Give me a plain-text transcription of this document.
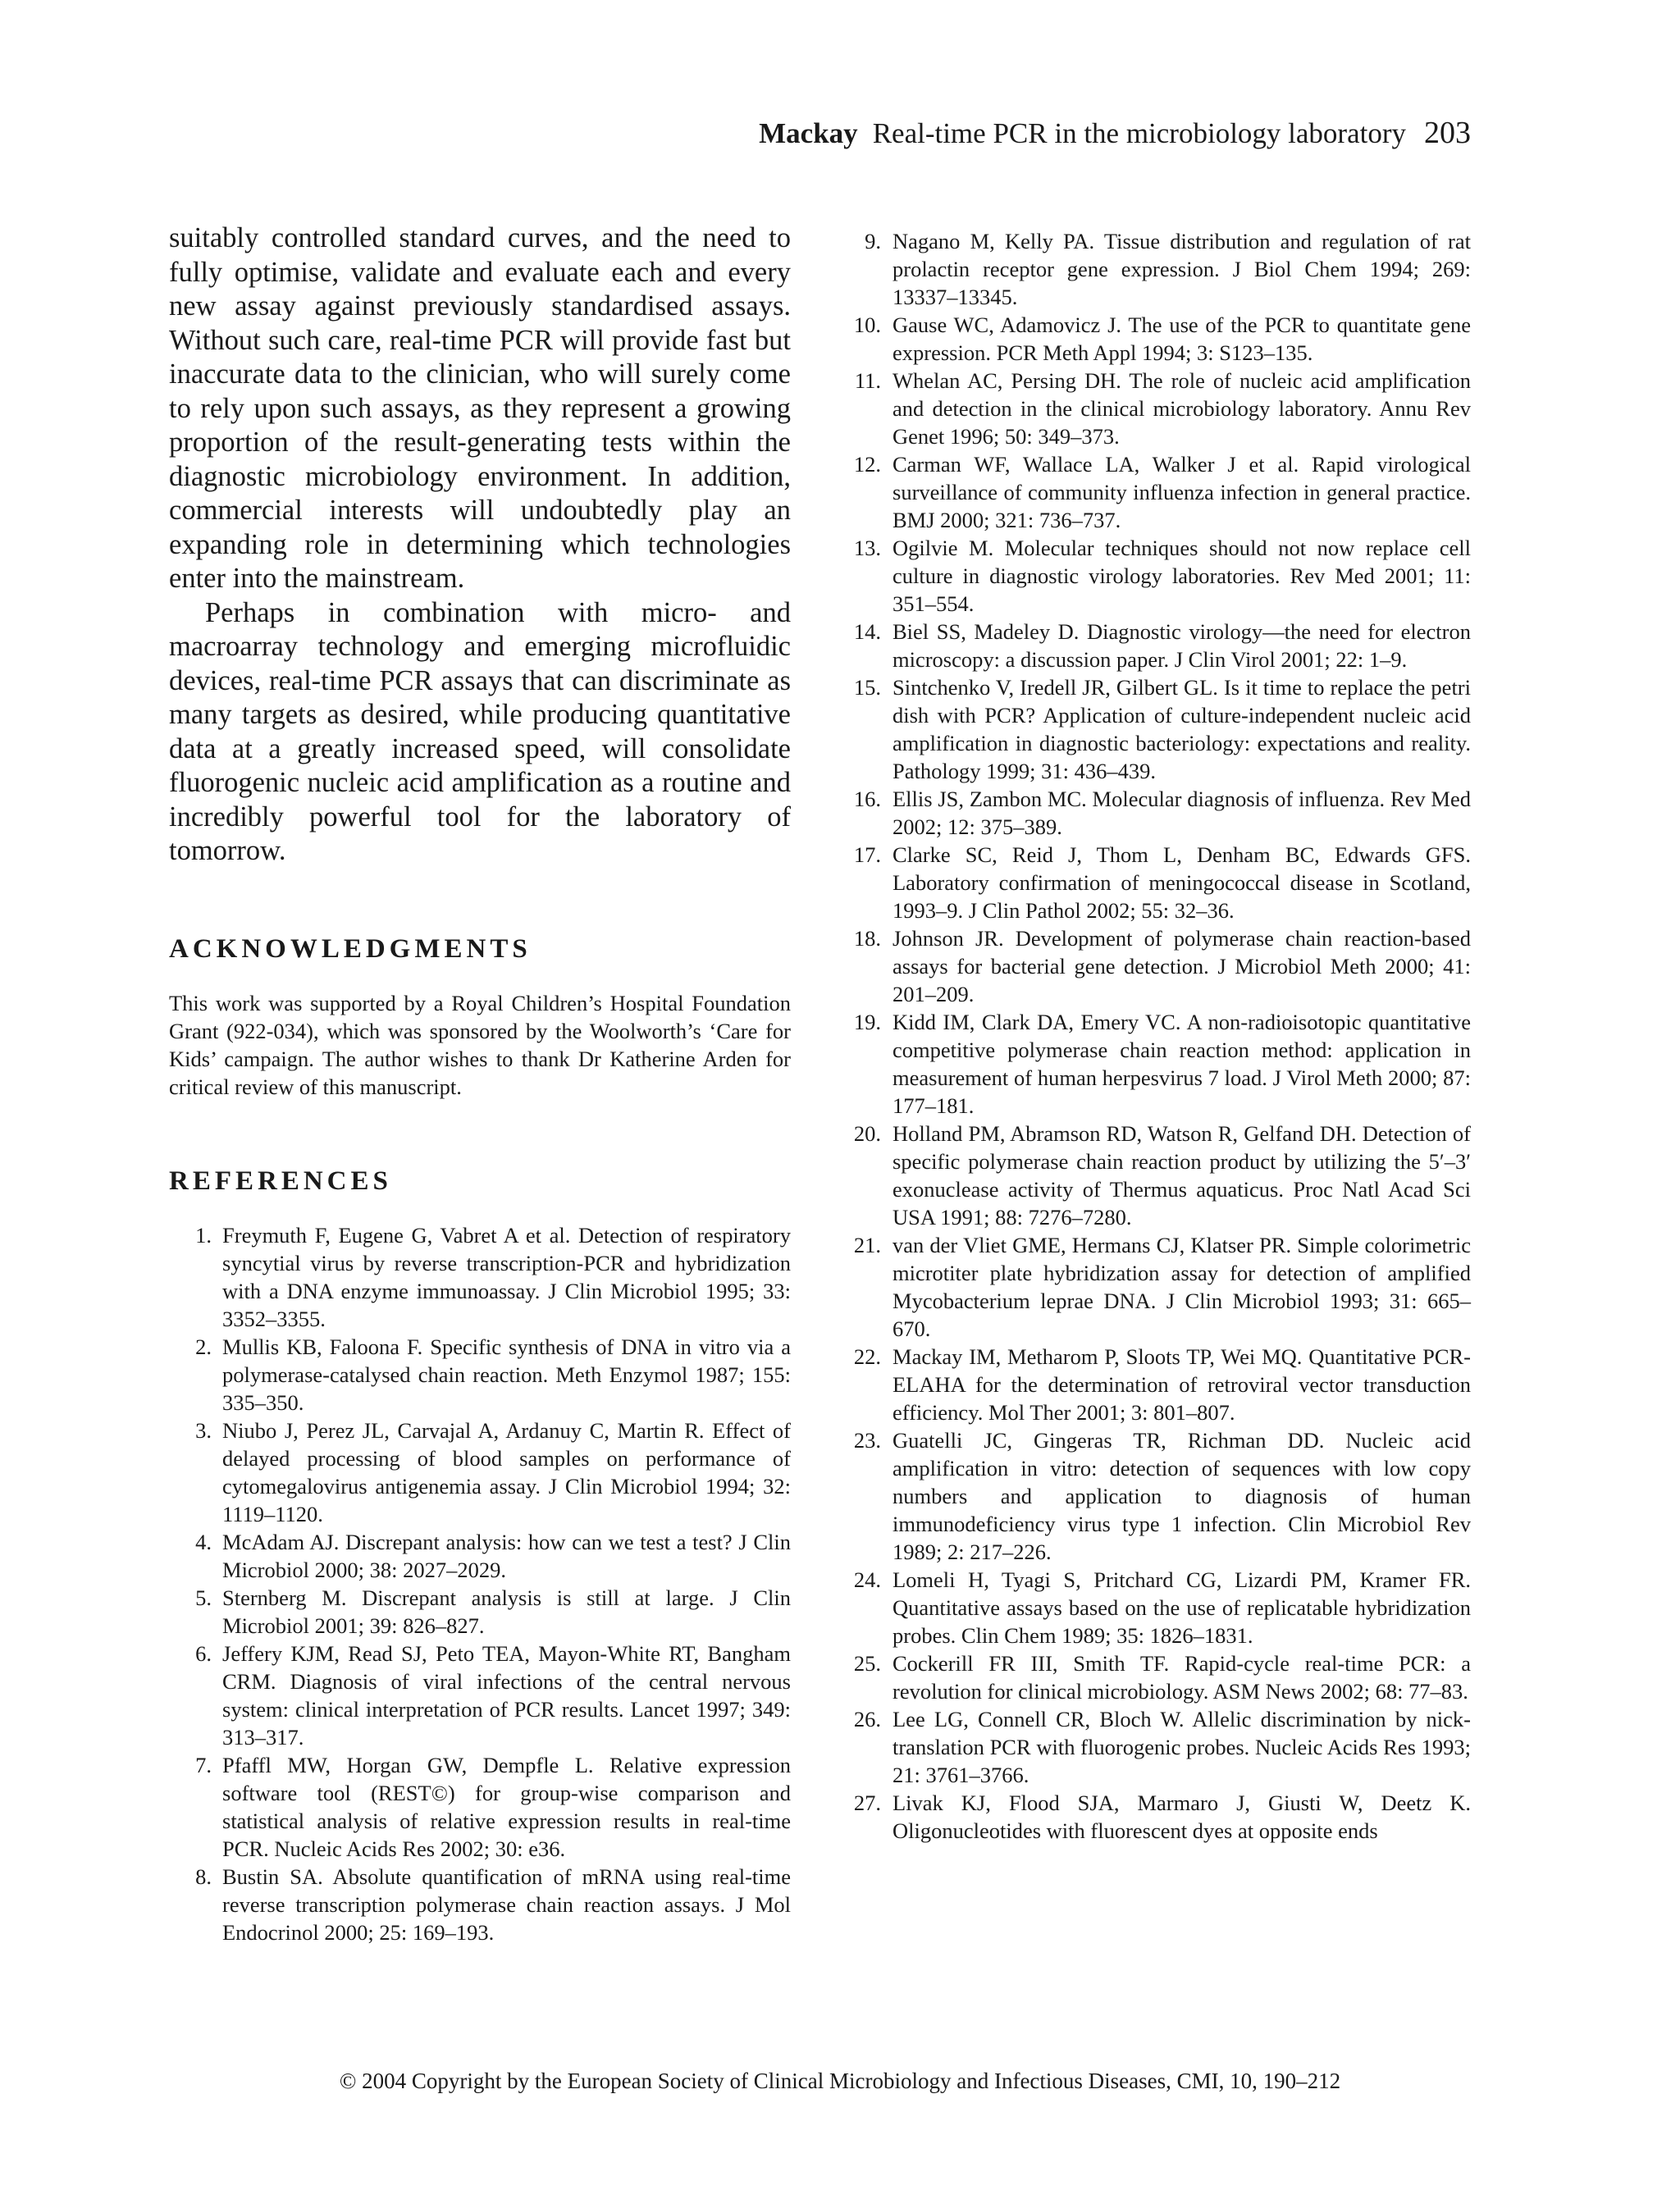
Mackay Real-time PCR in the microbiology laboratory 203

suitably controlled standard curves, and the need to fully optimise, validate and evaluate each and every new assay against previously standardised assays. Without such care, real-time PCR will provide fast but inaccurate data to the clinician, who will surely come to rely upon such assays, as they represent a growing proportion of the result-generating tests within the diagnostic microbiology environment. In addition, commercial interests will undoubtedly play an expanding role in determining which technologies enter into the mainstream.

Perhaps in combination with micro- and macroarray technology and emerging microfluidic devices, real-time PCR assays that can discriminate as many targets as desired, while producing quantitative data at a greatly increased speed, will consolidate fluorogenic nucleic acid amplification as a routine and incredibly powerful tool for the laboratory of tomorrow.

ACKNOWLEDGMENTS

This work was supported by a Royal Children’s Hospital Foundation Grant (922-034), which was sponsored by the Woolworth’s ‘Care for Kids’ campaign. The author wishes to thank Dr Katherine Arden for critical review of this manuscript.

REFERENCES
1. Freymuth F, Eugene G, Vabret A et al. Detection of respiratory syncytial virus by reverse transcription-PCR and hybridization with a DNA enzyme immunoassay. J Clin Microbiol 1995; 33: 3352–3355.
2. Mullis KB, Faloona F. Specific synthesis of DNA in vitro via a polymerase-catalysed chain reaction. Meth Enzymol 1987; 155: 335–350.
3. Niubo J, Perez JL, Carvajal A, Ardanuy C, Martin R. Effect of delayed processing of blood samples on performance of cytomegalovirus antigenemia assay. J Clin Microbiol 1994; 32: 1119–1120.
4. McAdam AJ. Discrepant analysis: how can we test a test? J Clin Microbiol 2000; 38: 2027–2029.
5. Sternberg M. Discrepant analysis is still at large. J Clin Microbiol 2001; 39: 826–827.
6. Jeffery KJM, Read SJ, Peto TEA, Mayon-White RT, Bangham CRM. Diagnosis of viral infections of the central nervous system: clinical interpretation of PCR results. Lancet 1997; 349: 313–317.
7. Pfaffl MW, Horgan GW, Dempfle L. Relative expression software tool (REST©) for group-wise comparison and statistical analysis of relative expression results in real-time PCR. Nucleic Acids Res 2002; 30: e36.
8. Bustin SA. Absolute quantification of mRNA using real-time reverse transcription polymerase chain reaction assays. J Mol Endocrinol 2000; 25: 169–193.
9. Nagano M, Kelly PA. Tissue distribution and regulation of rat prolactin receptor gene expression. J Biol Chem 1994; 269: 13337–13345.
10. Gause WC, Adamovicz J. The use of the PCR to quantitate gene expression. PCR Meth Appl 1994; 3: S123–135.
11. Whelan AC, Persing DH. The role of nucleic acid amplification and detection in the clinical microbiology laboratory. Annu Rev Genet 1996; 50: 349–373.
12. Carman WF, Wallace LA, Walker J et al. Rapid virological surveillance of community influenza infection in general practice. BMJ 2000; 321: 736–737.
13. Ogilvie M. Molecular techniques should not now replace cell culture in diagnostic virology laboratories. Rev Med 2001; 11: 351–554.
14. Biel SS, Madeley D. Diagnostic virology—the need for electron microscopy: a discussion paper. J Clin Virol 2001; 22: 1–9.
15. Sintchenko V, Iredell JR, Gilbert GL. Is it time to replace the petri dish with PCR? Application of culture-independent nucleic acid amplification in diagnostic bacteriology: expectations and reality. Pathology 1999; 31: 436–439.
16. Ellis JS, Zambon MC. Molecular diagnosis of influenza. Rev Med 2002; 12: 375–389.
17. Clarke SC, Reid J, Thom L, Denham BC, Edwards GFS. Laboratory confirmation of meningococcal disease in Scotland, 1993–9. J Clin Pathol 2002; 55: 32–36.
18. Johnson JR. Development of polymerase chain reaction-based assays for bacterial gene detection. J Microbiol Meth 2000; 41: 201–209.
19. Kidd IM, Clark DA, Emery VC. A non-radioisotopic quantitative competitive polymerase chain reaction method: application in measurement of human herpesvirus 7 load. J Virol Meth 2000; 87: 177–181.
20. Holland PM, Abramson RD, Watson R, Gelfand DH. Detection of specific polymerase chain reaction product by utilizing the 5′–3′ exonuclease activity of Thermus aquaticus. Proc Natl Acad Sci USA 1991; 88: 7276–7280.
21. van der Vliet GME, Hermans CJ, Klatser PR. Simple colorimetric microtiter plate hybridization assay for detection of amplified Mycobacterium leprae DNA. J Clin Microbiol 1993; 31: 665–670.
22. Mackay IM, Metharom P, Sloots TP, Wei MQ. Quantitative PCR-ELAHA for the determination of retroviral vector transduction efficiency. Mol Ther 2001; 3: 801–807.
23. Guatelli JC, Gingeras TR, Richman DD. Nucleic acid amplification in vitro: detection of sequences with low copy numbers and application to diagnosis of human immunodeficiency virus type 1 infection. Clin Microbiol Rev 1989; 2: 217–226.
24. Lomeli H, Tyagi S, Pritchard CG, Lizardi PM, Kramer FR. Quantitative assays based on the use of replicatable hybridization probes. Clin Chem 1989; 35: 1826–1831.
25. Cockerill FR III, Smith TF. Rapid-cycle real-time PCR: a revolution for clinical microbiology. ASM News 2002; 68: 77–83.
26. Lee LG, Connell CR, Bloch W. Allelic discrimination by nick-translation PCR with fluorogenic probes. Nucleic Acids Res 1993; 21: 3761–3766.
27. Livak KJ, Flood SJA, Marmaro J, Giusti W, Deetz K. Oligonucleotides with fluorescent dyes at opposite ends
© 2004 Copyright by the European Society of Clinical Microbiology and Infectious Diseases, CMI, 10, 190–212
